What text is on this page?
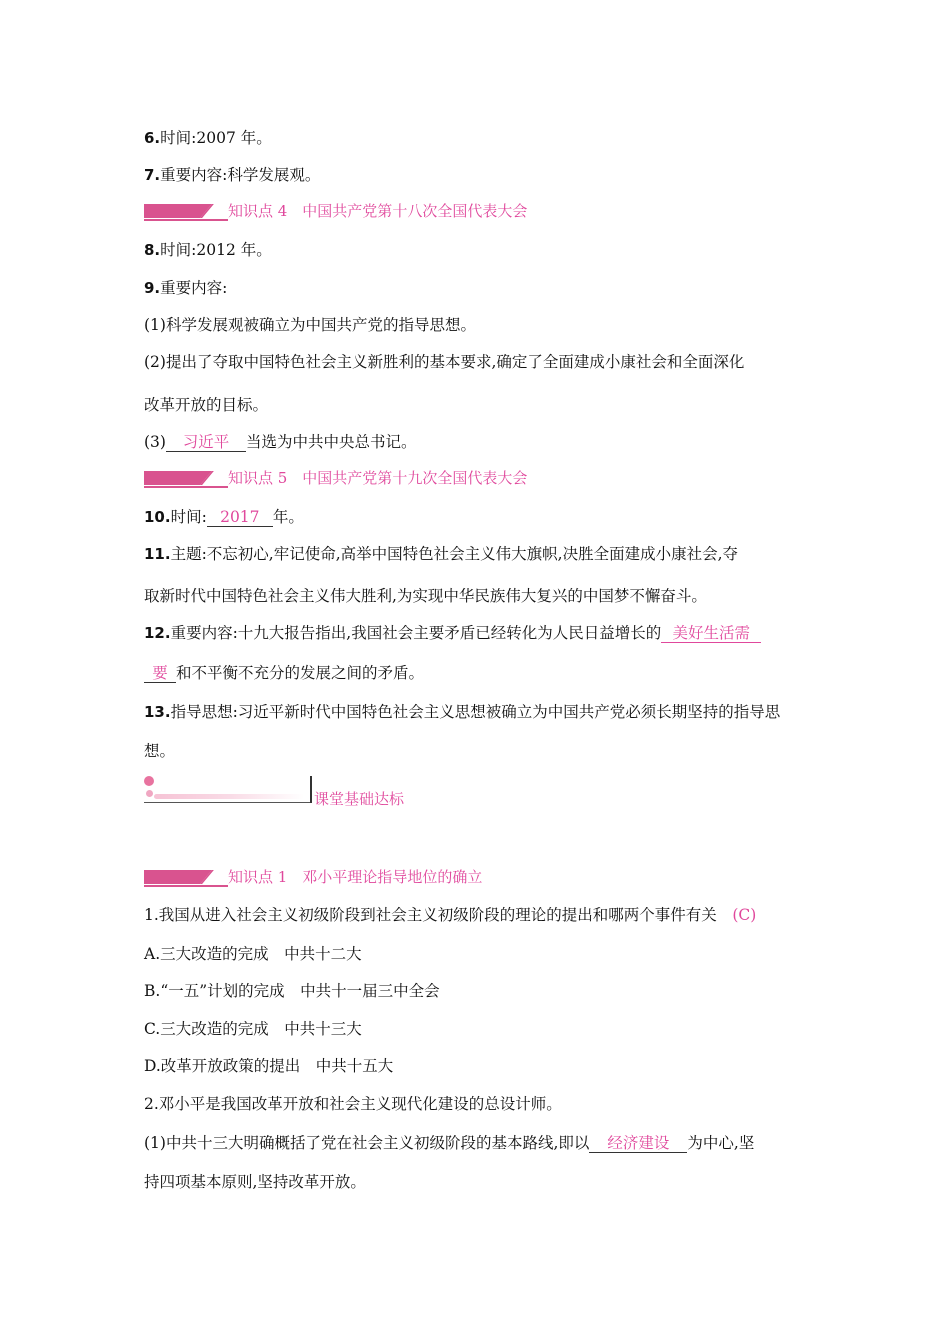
6.时间:2007 年。
7.重要内容:科学发展观。
知识点 4　中国共产党第十八次全国代表大会
8.时间:2012 年。
9.重要内容:
(1)科学发展观被确立为中国共产党的指导思想。
(2)提出了夺取中国特色社会主义新胜利的基本要求,确定了全面建成小康社会和全面深化
改革开放的目标。
(3) 习近平 当选为中共中央总书记。
知识点 5　中国共产党第十九次全国代表大会
10.时间: 2017 年。
11.主题:不忘初心,牢记使命,高举中国特色社会主义伟大旗帜,决胜全面建成小康社会,夺
取新时代中国特色社会主义伟大胜利,为实现中华民族伟大复兴的中国梦不懈奋斗。
12.重要内容:十九大报告指出,我国社会主要矛盾已经转化为人民日益增长的 美好生活需
要 和不平衡不充分的发展之间的矛盾。
13.指导思想:习近平新时代中国特色社会主义思想被确立为中国共产党必须长期坚持的指导思
想。
课堂基础达标
知识点 1　邓小平理论指导地位的确立
1.我国从进入社会主义初级阶段到社会主义初级阶段的理论的提出和哪两个事件有关　 (C)
A.三大改造的完成　中共十二大
B.“一五”计划的完成　中共十一届三中全会
C.三大改造的完成　中共十三大
D.改革开放政策的提出　中共十五大
2.邓小平是我国改革开放和社会主义现代化建设的总设计师。
(1)中共十三大明确概括了党在社会主义初级阶段的基本路线,即以 经济建设 为中心,坚
持四项基本原则,坚持改革开放。
